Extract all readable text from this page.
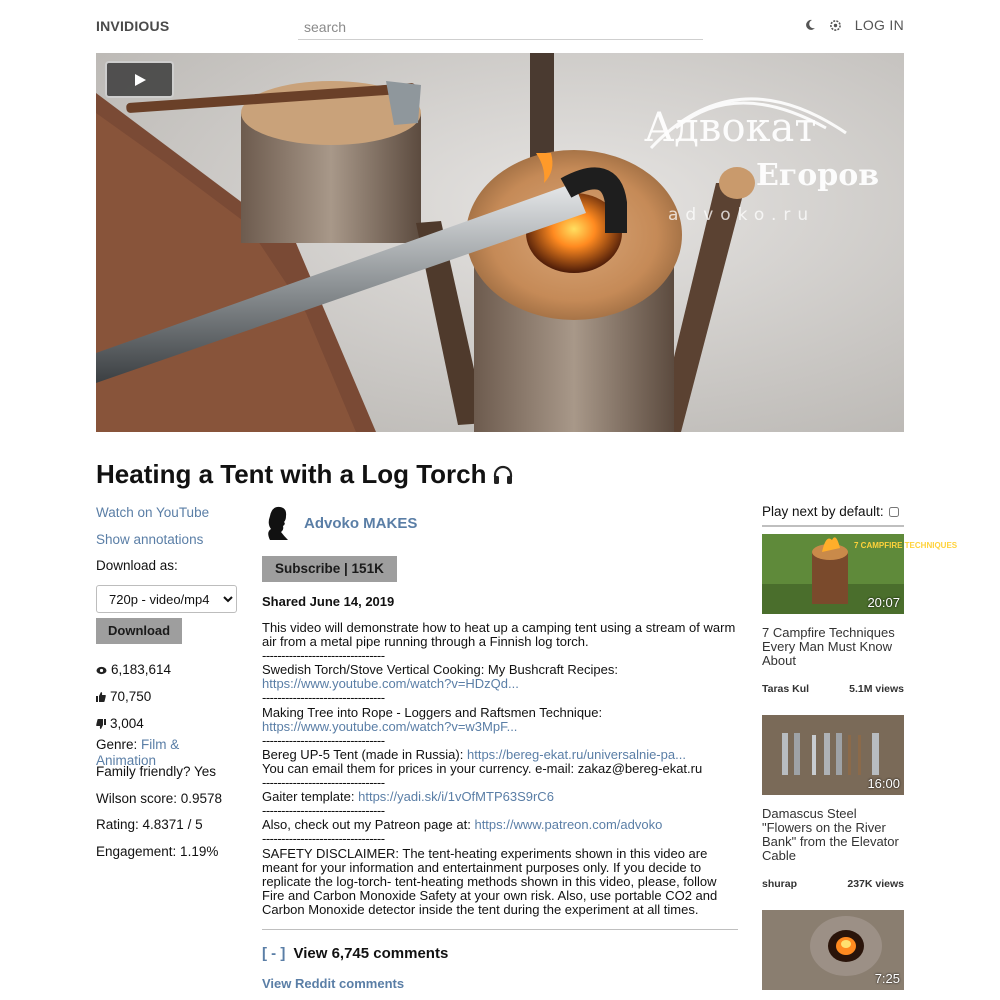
INVIDIOUS
search	LOG IN
Адвокат
Егоров
advoko.ru
Heating a Tent with a Log Torch
Watch on YouTube
Show annotations
Download as:
720p - video/mp4
Download
6,183,614
70,750
3,004
Genre: Film & Animation
Family friendly? Yes
Wilson score: 0.9578
Rating: 4.8371 / 5
Engagement: 1.19%
Advoko MAKES
Subscribe | 151K
Shared June 14, 2019
This video will demonstrate how to heat up a camping tent using a stream of warm air from a metal pipe running through a Finnish log torch.
--------------------------------
Swedish Torch/Stove Vertical Cooking: My Bushcraft Recipes:
https://www.youtube.com/watch?v=HDzQd...
--------------------------------
Making Tree into Rope - Loggers and Raftsmen Technique:
https://www.youtube.com/watch?v=w3MpF...
--------------------------------
Bereg UP-5 Tent (made in Russia): https://bereg-ekat.ru/universalnie-pa...
You can email them for prices in your currency. e-mail: zakaz@bereg-ekat.ru
--------------------------------
Gaiter template: https://yadi.sk/i/1vOfMTP63S9rC6
--------------------------------
Also, check out my Patreon page at: https://www.patreon.com/advoko
--------------------------------
SAFETY DISCLAIMER: The tent-heating experiments shown in this video are meant for your information and entertainment purposes only. If you decide to replicate the log-torch- tent-heating methods shown in this video, please, follow Fire and Carbon Monoxide Safety at your own risk. Also, use portable CO2 and Carbon Monoxide detector inside the tent during the experiment at all times.
[ - ] View 6,745 comments
View Reddit comments
Play next by default:
7 CAMPFIRE TECHNIQUES
20:07
7 Campfire Techniques Every Man Must Know About
Taras Kul	5.1M views
16:00
Damascus Steel "Flowers on the River Bank" from the Elevator Cable
shurap	237K views
7:25
